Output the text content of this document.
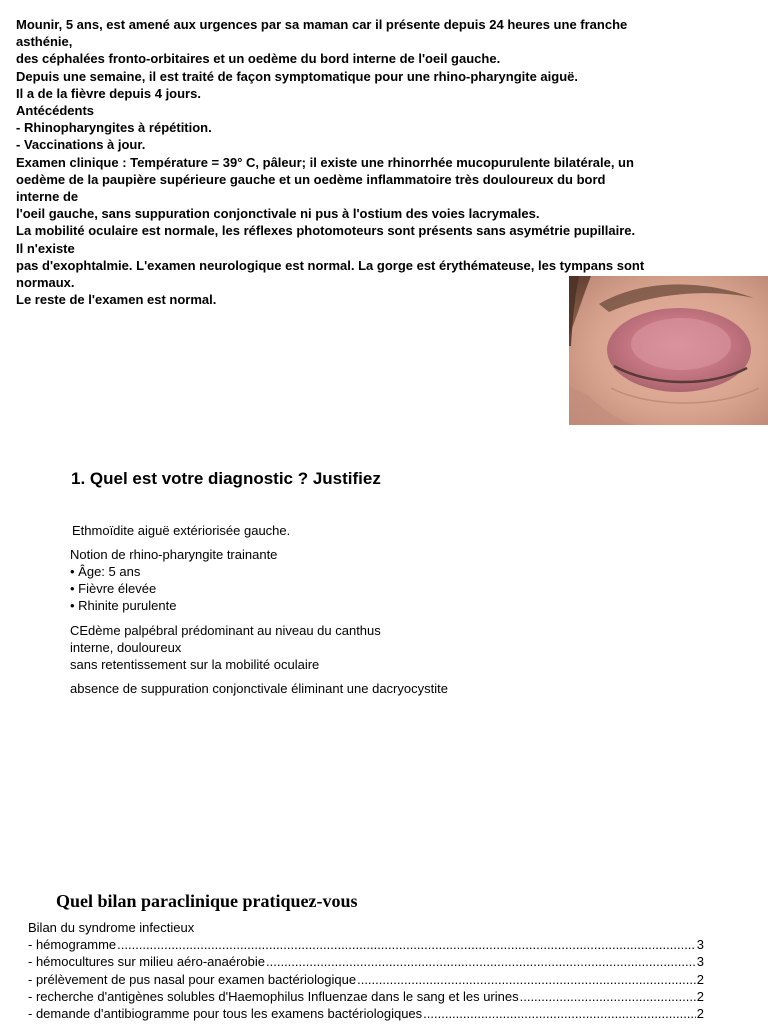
Mounir, 5 ans, est amené aux urgences par sa maman car il présente depuis 24 heures une franche
asthénie,
des céphalées fronto-orbitaires et un oedème du bord interne de l'oeil gauche.
Depuis une semaine, il est traité de façon symptomatique pour une rhino-pharyngite aiguë.
Il a de la fièvre depuis 4 jours.
Antécédents
- Rhinopharyngites à répétition.
- Vaccinations à jour.
Examen clinique : Température = 39° C, pâleur; il existe une rhinorrhée mucopurulente bilatérale, un
oedème de la paupière supérieure gauche et un oedème inflammatoire très douloureux du bord
interne de
l'oeil gauche, sans suppuration conjonctivale ni pus à l'ostium des voies lacrymales.
La mobilité oculaire est normale, les réflexes photomoteurs sont présents sans asymétrie pupillaire.
Il n'existe
pas d'exophtalmie. L'examen neurologique est normal. La gorge est érythémateuse, les tympans sont
normaux.
Le reste de l'examen est normal.
1. Quel est votre diagnostic ? Justifiez
Ethmoïdite aiguë extériorisée gauche.
Notion de rhino-pharyngite trainante
• Âge: 5 ans
• Fièvre élevée
• Rhinite purulente
CEdème palpébral prédominant au niveau du canthus
interne, douloureux
sans retentissement sur la mobilité oculaire
absence de suppuration conjonctivale éliminant une dacryocystite
Quel bilan paraclinique pratiquez-vous
Bilan du syndrome infectieux
- hémogramme .....	3
- hémocultures sur milieu aéro-anaérobie .....	3
- prélèvement de pus nasal pour examen bactériologique .....	2
- recherche d'antigènes solubles d'Haemophilus Influenzae dans le sang et les urines .....	2
- demande d'antibiogramme pour tous les examens bactériologiques .....	2
